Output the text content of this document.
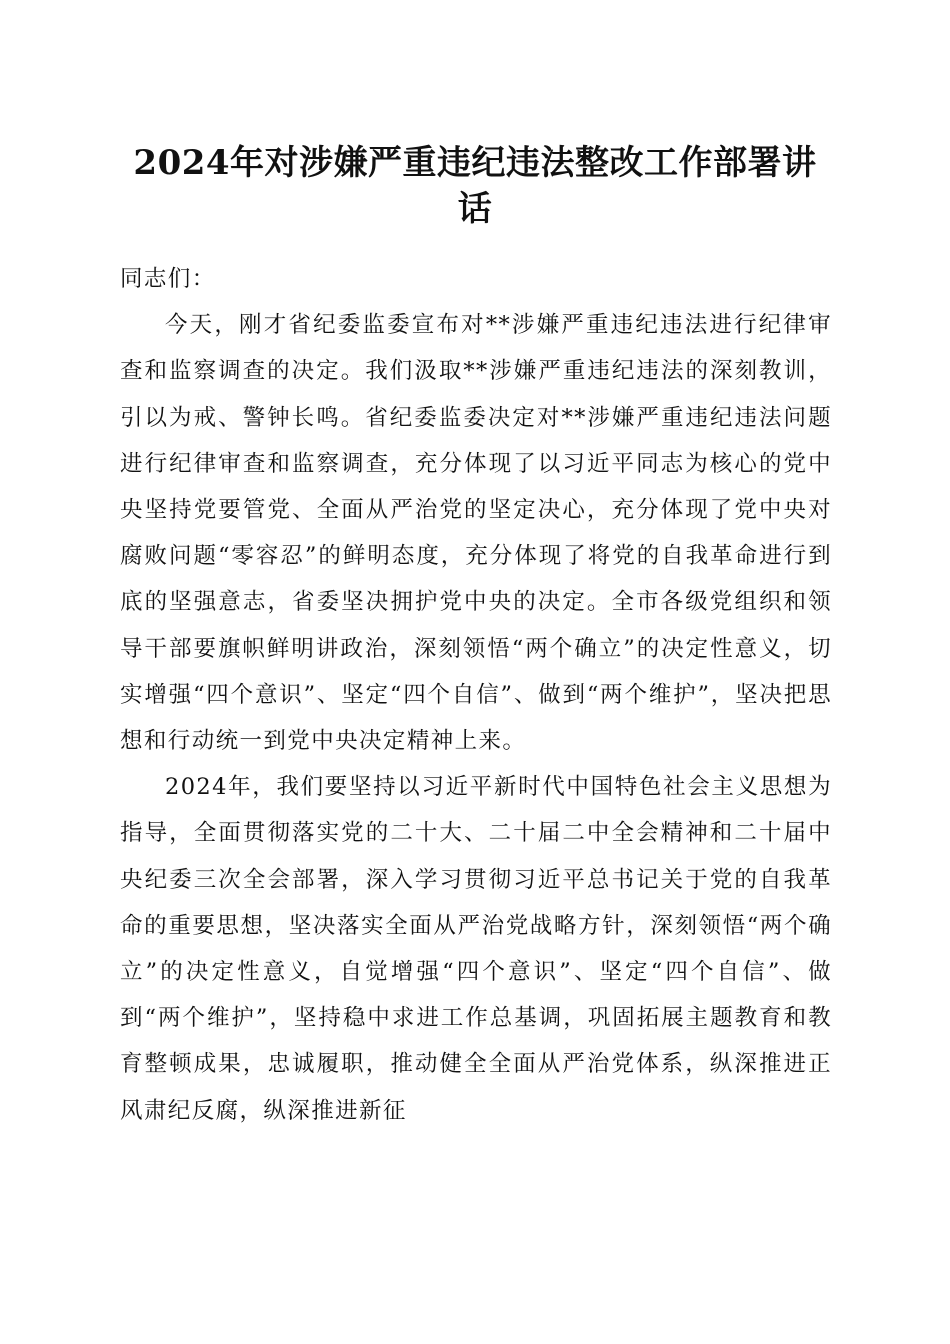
2024年对涉嫌严重违纪违法整改工作部署讲话

同志们：

今天，刚才省纪委监委宣布对**涉嫌严重违纪违法进行纪律审查和监察调查的决定。我们汲取**涉嫌严重违纪违法的深刻教训，引以为戒、警钟长鸣。省纪委监委决定对**涉嫌严重违纪违法问题进行纪律审查和监察调查，充分体现了以习近平同志为核心的党中央坚持党要管党、全面从严治党的坚定决心，充分体现了党中央对腐败问题“零容忍”的鲜明态度，充分体现了将党的自我革命进行到底的坚强意志，省委坚决拥护党中央的决定。全市各级党组织和领导干部要旗帜鲜明讲政治，深刻领悟“两个确立”的决定性意义，切实增强“四个意识”、坚定“四个自信”、做到“两个维护”，坚决把思想和行动统一到党中央决定精神上来。

2024年，我们要坚持以习近平新时代中国特色社会主义思想为指导，全面贯彻落实党的二十大、二十届二中全会精神和二十届中央纪委三次全会部署，深入学习贯彻习近平总书记关于党的自我革命的重要思想，坚决落实全面从严治党战略方针，深刻领悟“两个确立”的决定性意义，自觉增强“四个意识”、坚定“四个自信”、做到“两个维护”，坚持稳中求进工作总基调，巩固拓展主题教育和教育整顿成果，忠诚履职，推动健全全面从严治党体系，纵深推进正风肃纪反腐，纵深推进新征
